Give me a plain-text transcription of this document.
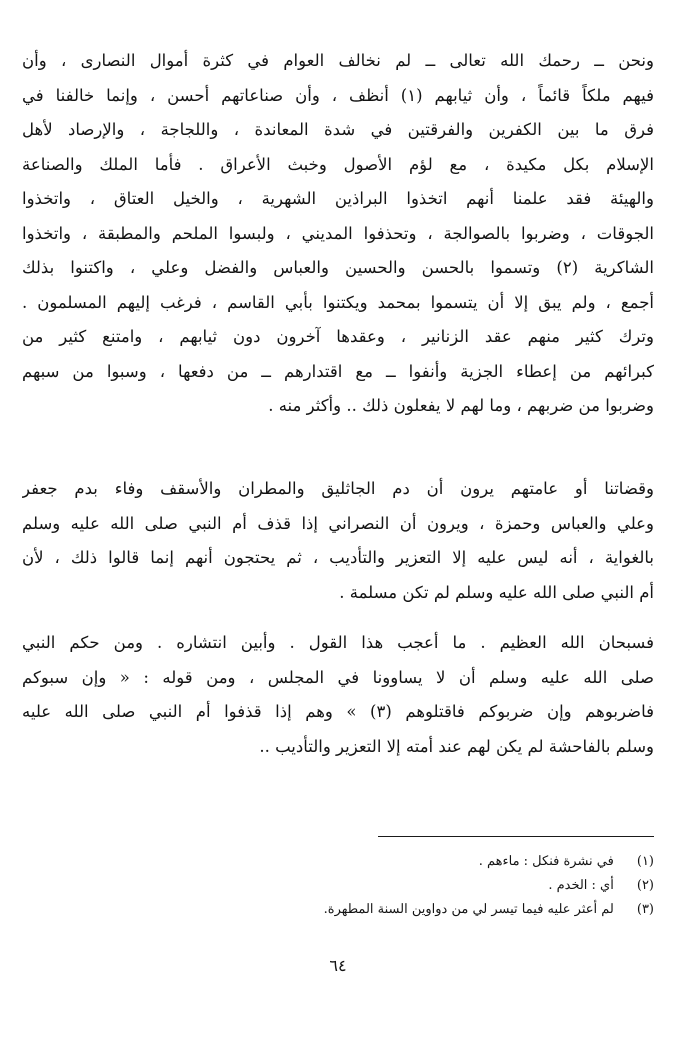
ونحن ــ رحمك الله تعالى ــ لم نخالف العوام في كثرة أموال النصارى ، وأن

فيهم ملكاً قائماً ، وأن ثيابهم (١) أنظف ، وأن صناعاتهم أحسن ، وإنما خالفنا في

فرق ما بين الكفرين والفرقتين في شدة المعاندة ، واللجاجة ، والإرصاد لأهل

الإسلام بكل مكيدة ، مع لؤم الأصول وخبث الأعراق . فأما الملك والصناعة

والهيئة فقد علمنا أنهم اتخذوا البراذين الشهرية ، والخيل العتاق ، واتخذوا

الجوقات ، وضربوا بالصوالجة ، وتحذفوا المديني ، ولبسوا الملحم والمطبقة ، واتخذوا

الشاكرية (٢) وتسموا بالحسن والحسين والعباس والفضل وعلي ، واكتنوا بذلك

أجمع ، ولم يبق إلا أن يتسموا بمحمد ويكتنوا بأبي القاسم ، فرغب إليهم المسلمون .

وترك كثير منهم عقد الزنانير ، وعقدها آخرون دون ثيابهم ، وامتنع كثير من

كبرائهم من إعطاء الجزية وأنفوا ــ مع اقتدارهم ــ من دفعها ، وسبوا من سبهم

وضربوا من ضربهم ، وما لهم لا يفعلون ذلك .. وأكثر منه .

وقضاتنا أو عامتهم يرون أن دم الجاثليق والمطران والأسقف وفاء بدم جعفر

وعلي والعباس وحمزة ، ويرون أن النصراني إذا قذف أم النبي صلى الله عليه وسلم

بالغواية ، أنه ليس عليه إلا التعزير والتأديب ، ثم يحتجون أنهم إنما قالوا ذلك ، لأن

أم النبي صلى الله عليه وسلم لم تكن مسلمة .

فسبحان الله العظيم . ما أعجب هذا القول . وأبين انتشاره . ومن حكم النبي

صلى الله عليه وسلم أن لا يساوونا في المجلس ، ومن قوله : « وإن سبوكم

فاضربوهم وإن ضربوكم فاقتلوهم (٣) » وهم إذا قذفوا أم النبي صلى الله عليه

وسلم بالفاحشة لم يكن لهم عند أمته إلا التعزير والتأديب ..

(١) في نشرة فنكل : ماءهم .
(٢) أي : الخدم .
(٣) لم أعثر عليه فيما تيسر لي من دواوين السنة المطهرة.
٦٤
